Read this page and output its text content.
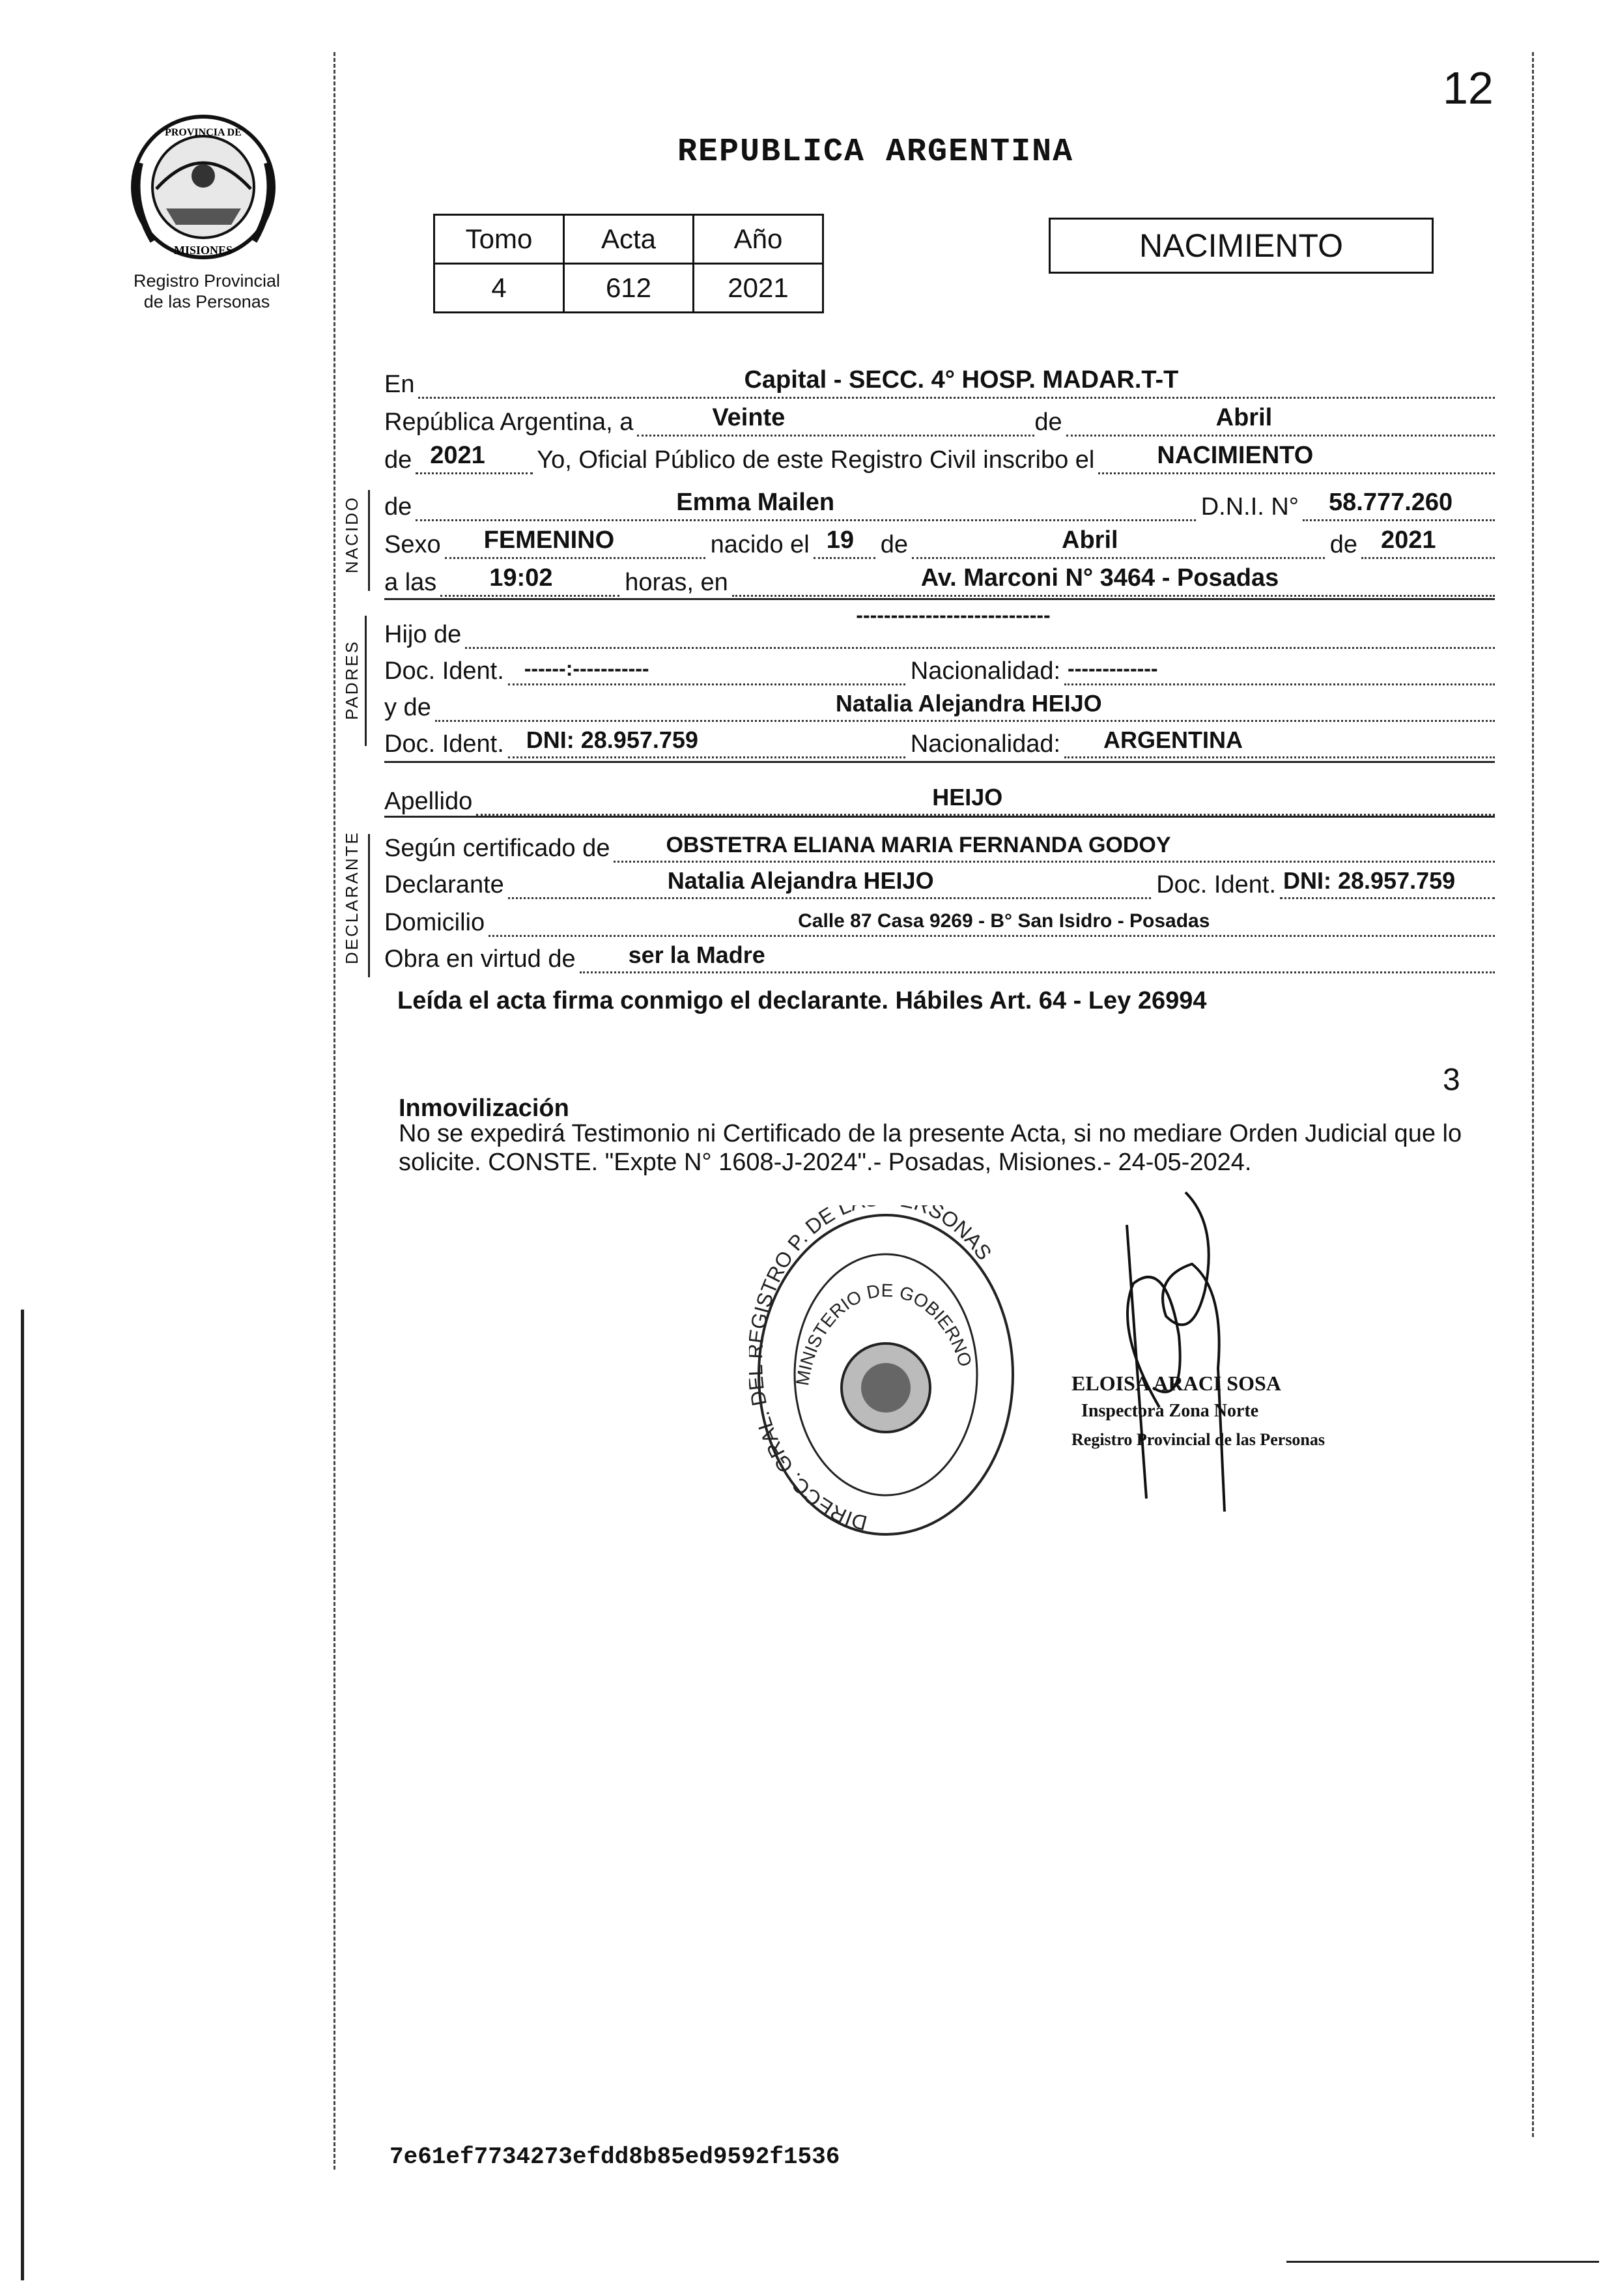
12
PROVINCIA DE
MISIONES
Registro Provincial
de las Personas
REPUBLICA ARGENTINA
Tomo	Acta	Año
4	612	2021
NACIMIENTO
En	Capital - SECC. 4° HOSP. MADAR.T-T
República Argentina, a	Veinte	de	Abril
de 2021 Yo, Oficial Público de este Registro Civil inscribo el	NACIMIENTO
NACIDO de	Emma Mailen	D.N.I. N° 58.777.260
Sexo FEMENINO	nacido el 19 de	Abril	de 2021
a las 19:02	horas, en	Av. Marconi N° 3464 - Posadas
PADRES
Hijo de
----------------------------
Doc. Ident. ------:-----------	Nacionalidad: -------------
y de	Natalia Alejandra HEIJO
Doc. Ident. DNI: 28.957.759	Nacionalidad: ARGENTINA
Apellido	HEIJO
DECLARANTE Según certificado de	OBSTETRA ELIANA MARIA FERNANDA GODOY
Declarante	Natalia Alejandra HEIJO	Doc. Ident. DNI: 28.957.759
Domicilio	Calle 87 Casa 9269 - B° San Isidro - Posadas
Obra en virtud de ser la Madre
Leída el acta firma conmigo el declarante. Hábiles Art. 64 - Ley 26994
3
Inmovilización
No se expedirá Testimonio ni Certificado de la presente Acta, si no mediare Orden Judicial que lo solicite. CONSTE. "Expte N° 1608-J-2024".- Posadas, Misiones.- 24-05-2024.
DIRECC. GRAL. ISTRO P. DE L SONAS
MINISTERIO DE GOBIERNO
ELOISA ARACI SOSA
Inspectora Zona Norte
Registro Provincial de las Personas
7e61ef7734273efdd8b85ed9592f1536
